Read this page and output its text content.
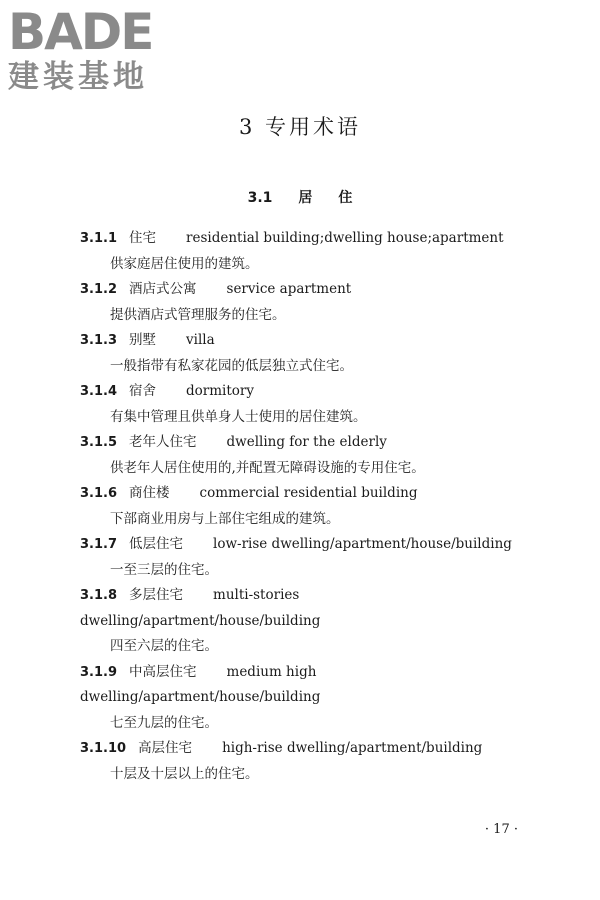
BADE
建装基地
3 专用术语
3.1 居 住
3.1.1 住宅 residential building;dwelling house;apartment
供家庭居住使用的建筑。
3.1.2 酒店式公寓 service apartment
提供酒店式管理服务的住宅。
3.1.3 别墅 villa
一般指带有私家花园的低层独立式住宅。
3.1.4 宿舍 dormitory
有集中管理且供单身人士使用的居住建筑。
3.1.5 老年人住宅 dwelling for the elderly
供老年人居住使用的,并配置无障碍设施的专用住宅。
3.1.6 商住楼 commercial residential building
下部商业用房与上部住宅组成的建筑。
3.1.7 低层住宅 low-rise dwelling/apartment/house/building
一至三层的住宅。
3.1.8 多层住宅 multi-stories dwelling/apartment/house/building
四至六层的住宅。
3.1.9 中高层住宅 medium high dwelling/apartment/house/building
七至九层的住宅。
3.1.10 高层住宅 high-rise dwelling/apartment/building
十层及十层以上的住宅。
· 17 ·
